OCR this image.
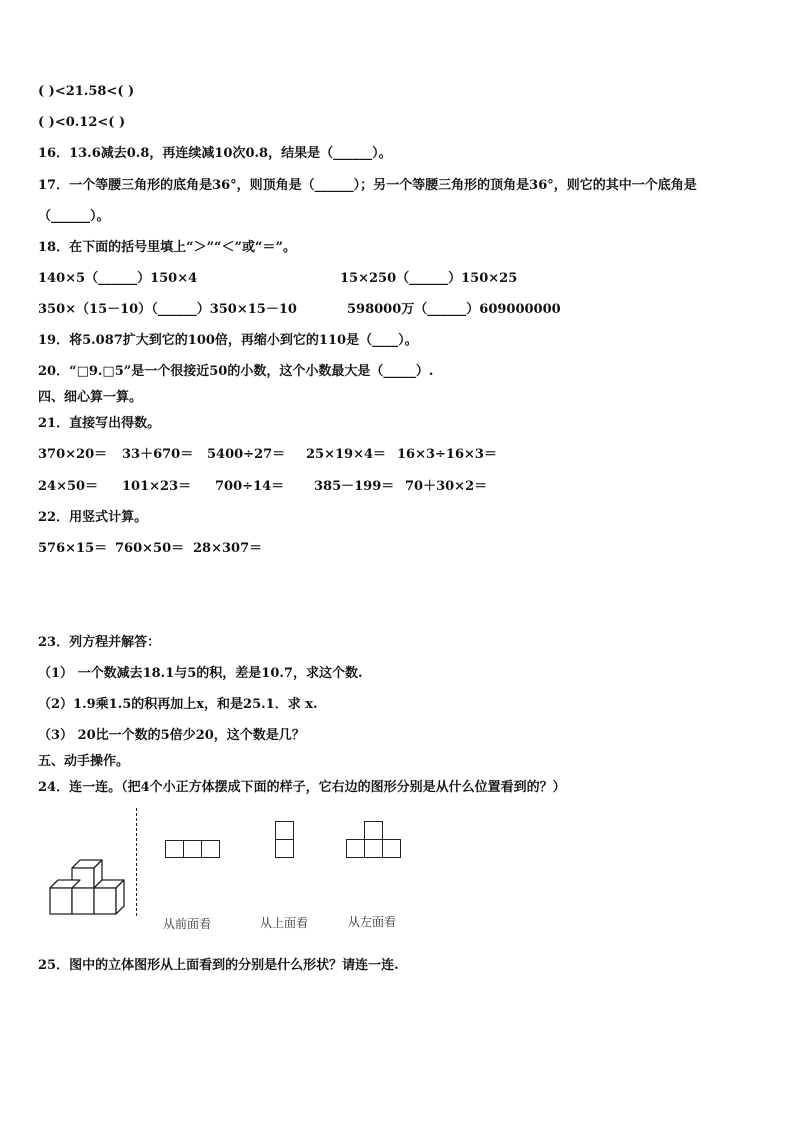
( )<21.58<( )
( )<0.12<( )
16．13.6减去0.8，再连续减10次0.8，结果是（______）。
17．一个等腰三角形的底角是36°，则顶角是（______）；另一个等腰三角形的顶角是36°，则它的其中一个底角是
（______）。
18．在下面的括号里填上“＞”“＜”或“＝”。
140×5（______）150×4	15×250（______）150×25
350×（15－10）（______）350×15－10	598000万（______）609000000
19．将5.087扩大到它的100倍，再缩小到它的110是（____）。
20．“□9.□5”是一个很接近50的小数，这个小数最大是（_____）.
四、细心算一算。
21．直接写出得数。
370×20＝ 33＋670＝ 5400÷27＝ 25×19×4＝ 16×3÷16×3＝
24×50＝ 101×23＝ 700÷14＝ 385－199＝ 70＋30×2＝
22．用竖式计算。
576×15＝ 760×50＝ 28×307＝
23．列方程并解答：
（1） 一个数减去18.1与5的积，差是10.7，求这个数.
（2）1.9乘1.5的积再加上x，和是25.1．求 x.
（3） 20比一个数的5倍少20，这个数是几？
五、动手操作。
24．连一连。（把4个小正方体摆成下面的样子，它右边的图形分别是从什么位置看到的？）
从前面看	从上面看	从左面看
25．图中的立体图形从上面看到的分别是什么形状？请连一连.
